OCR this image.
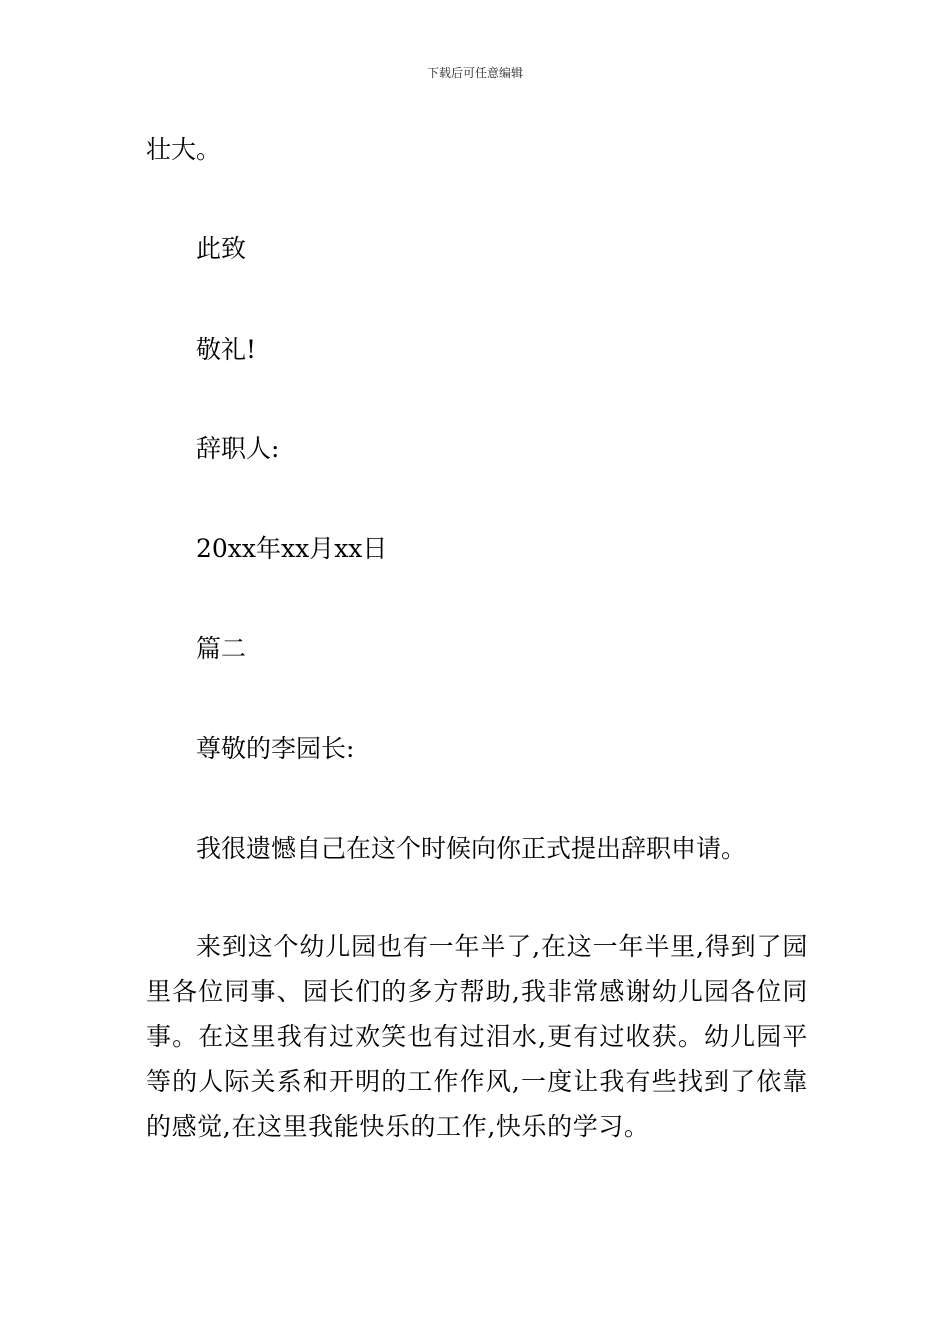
下载后可任意编辑
壮大。
此致
敬礼!
辞职人:
20xx年xx月xx日
篇二
尊敬的李园长:
我很遗憾自己在这个时候向你正式提出辞职申请。
来到这个幼儿园也有一年半了,在这一年半里,得到了园里各位同事、园长们的多方帮助,我非常感谢幼儿园各位同事。在这里我有过欢笑也有过泪水,更有过收获。幼儿园平等的人际关系和开明的工作作风,一度让我有些找到了依靠的感觉,在这里我能快乐的工作,快乐的学习。
